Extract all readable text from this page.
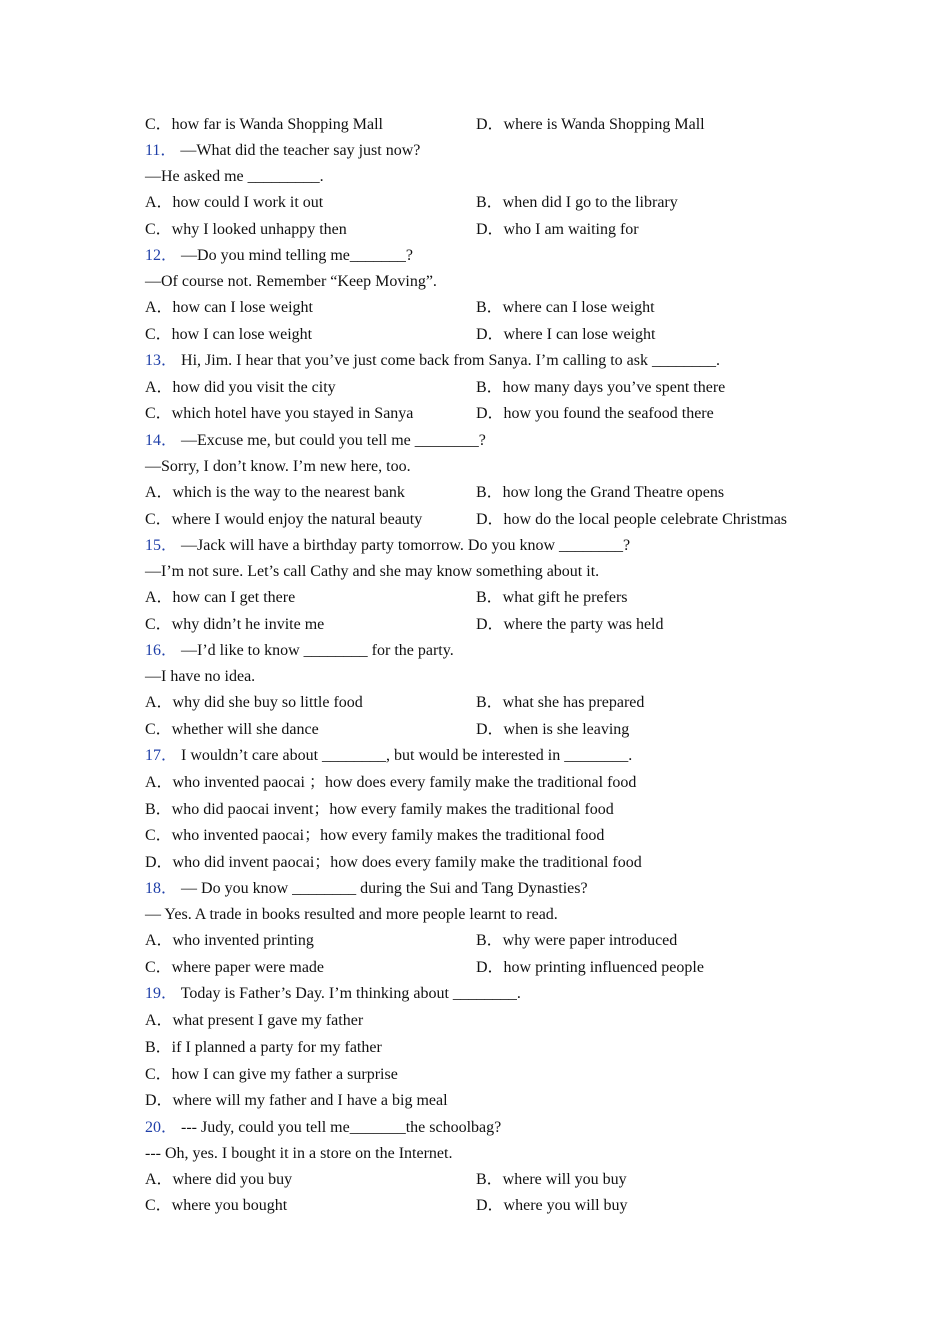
C．how far is Wanda Shopping Mall	D．where is Wanda Shopping Mall
11． —What did the teacher say just now?
—He asked me _________.
A．how could I work it out	B．when did I go to the library
C．why I looked unhappy then	D．who I am waiting for
12． —Do you mind telling me_______?
—Of course not. Remember “Keep Moving”.
A．how can I lose weight	B．where can I lose weight
C．how I can lose weight	D．where I can lose weight
13． Hi, Jim. I hear that you’ve just come back from Sanya. I’m calling to ask ________.
A．how did you visit the city	B．how many days you’ve spent there
C．which hotel have you stayed in Sanya	D．how you found the seafood there
14． —Excuse me, but could you tell me ________?
—Sorry, I don’t know. I’m new here, too.
A．which is the way to the nearest bank	B．how long the Grand Theatre opens
C．where I would enjoy the natural beauty	D．how do the local people celebrate Christmas
15． —Jack will have a birthday party tomorrow. Do you know ________?
—I’m not sure. Let’s call Cathy and she may know something about it.
A．how can I get there	B．what gift he prefers
C．why didn’t he invite me	D．where the party was held
16． —I’d like to know ________ for the party.
—I have no idea.
A．why did she buy so little food	B．what she has prepared
C．whether will she dance	D．when is she leaving
17． I wouldn’t care about ________, but would be interested in ________.
A．who invented paocai ；how does every family make the traditional food
B．who did paocai invent；how every family makes the traditional food
C．who invented paocai；how every family makes the traditional food
D．who did invent paocai；how does every family make the traditional food
18． — Do you know ________ during the Sui and Tang Dynasties?
— Yes. A trade in books resulted and more people learnt to read.
A．who invented printing	B．why were paper introduced
C．where paper were made	D．how printing influenced people
19． Today is Father’s Day. I’m thinking about ________.
A．what present I gave my father
B．if I planned a party for my father
C．how I can give my father a surprise
D．where will my father and I have a big meal
20． --- Judy, could you tell me_______the schoolbag?
--- Oh, yes. I bought it in a store on the Internet.
A．where did you buy	B．where will you buy
C．where you bought	D．where you will buy
